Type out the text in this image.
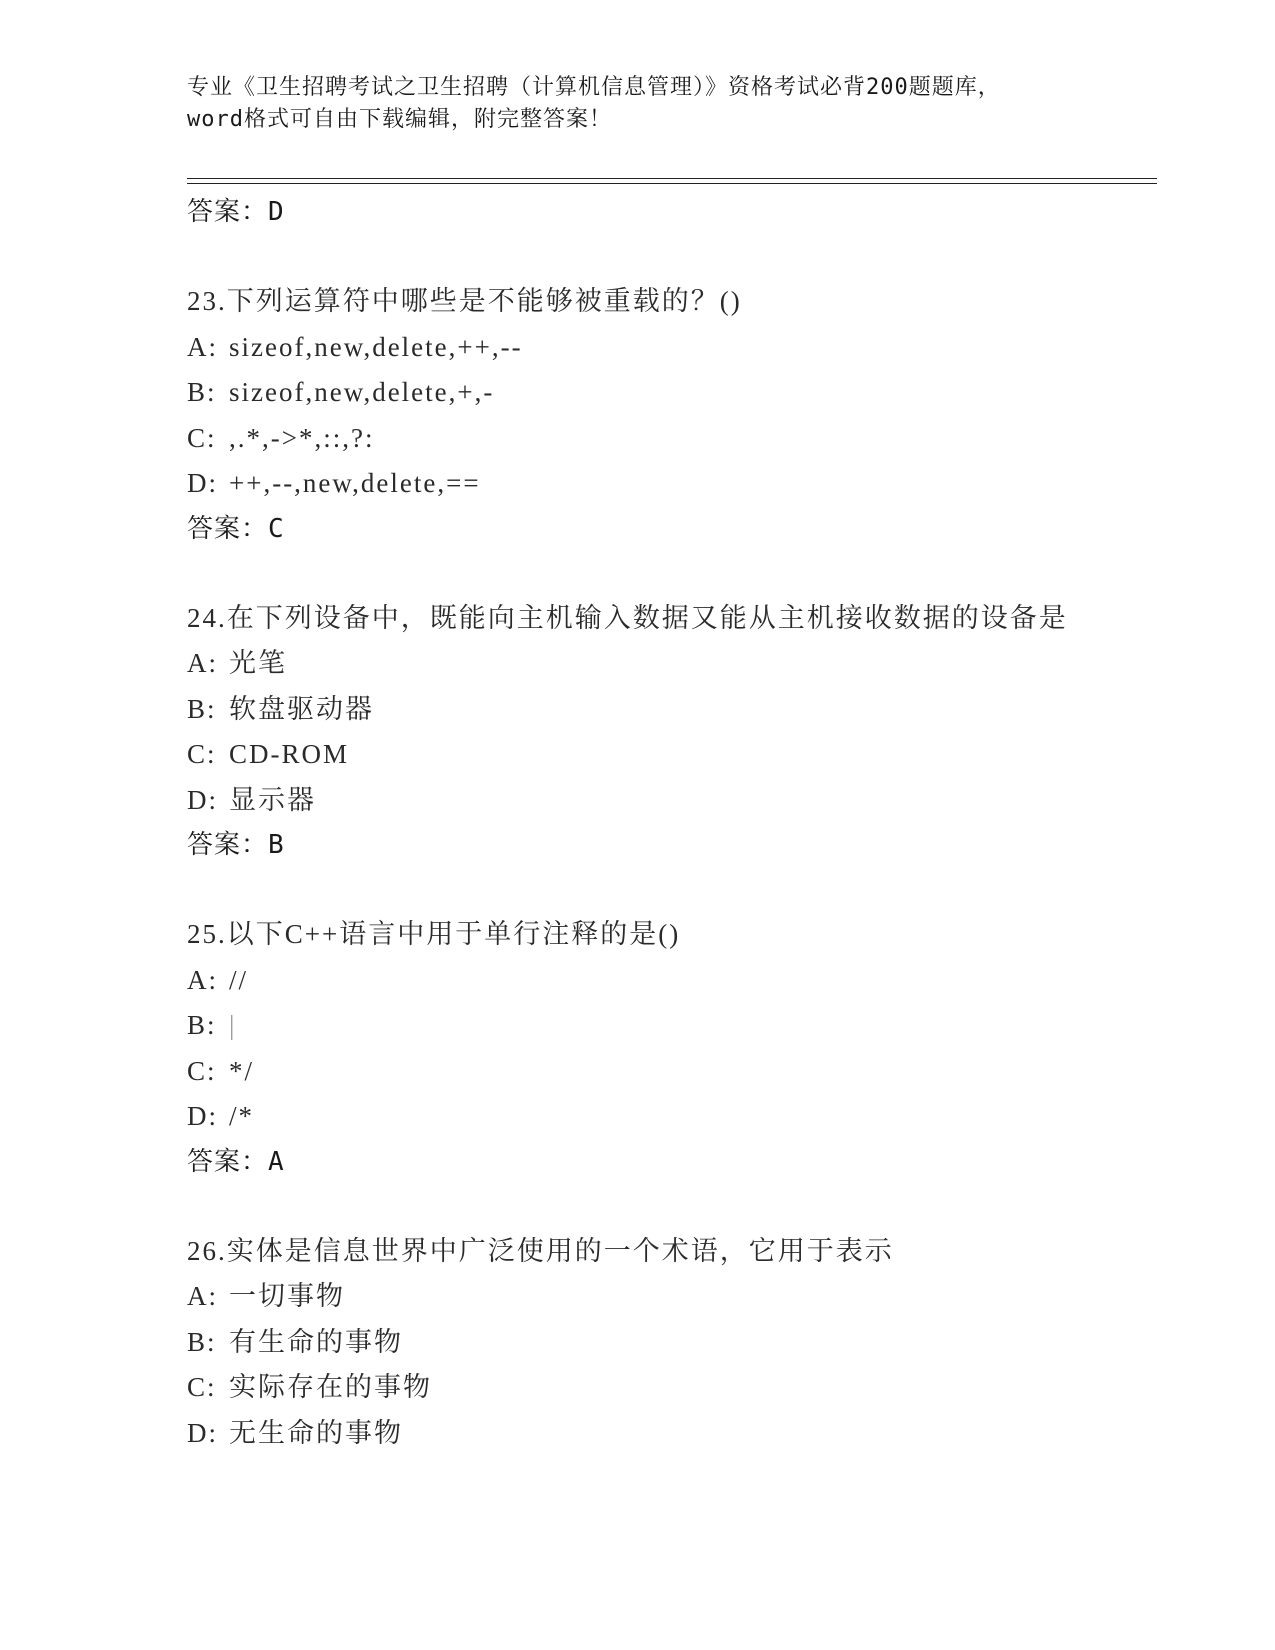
专业《卫生招聘考试之卫生招聘（计算机信息管理）》资格考试必背200题题库，
word格式可自由下载编辑，附完整答案！
答案：D
23.下列运算符中哪些是不能够被重载的？()
A: sizeof,new,delete,++,--
B: sizeof,new,delete,+,-
C: ,.*,->*,::,?:
D: ++,--,new,delete,==
答案：C
24.在下列设备中，既能向主机输入数据又能从主机接收数据的设备是
A: 光笔
B: 软盘驱动器
C: CD-ROM
D: 显示器
答案：B
25.以下C++语言中用于单行注释的是()
A: //
B: |
C: */
D: /*
答案：A
26.实体是信息世界中广泛使用的一个术语，它用于表示
A: 一切事物
B: 有生命的事物
C: 实际存在的事物
D: 无生命的事物
